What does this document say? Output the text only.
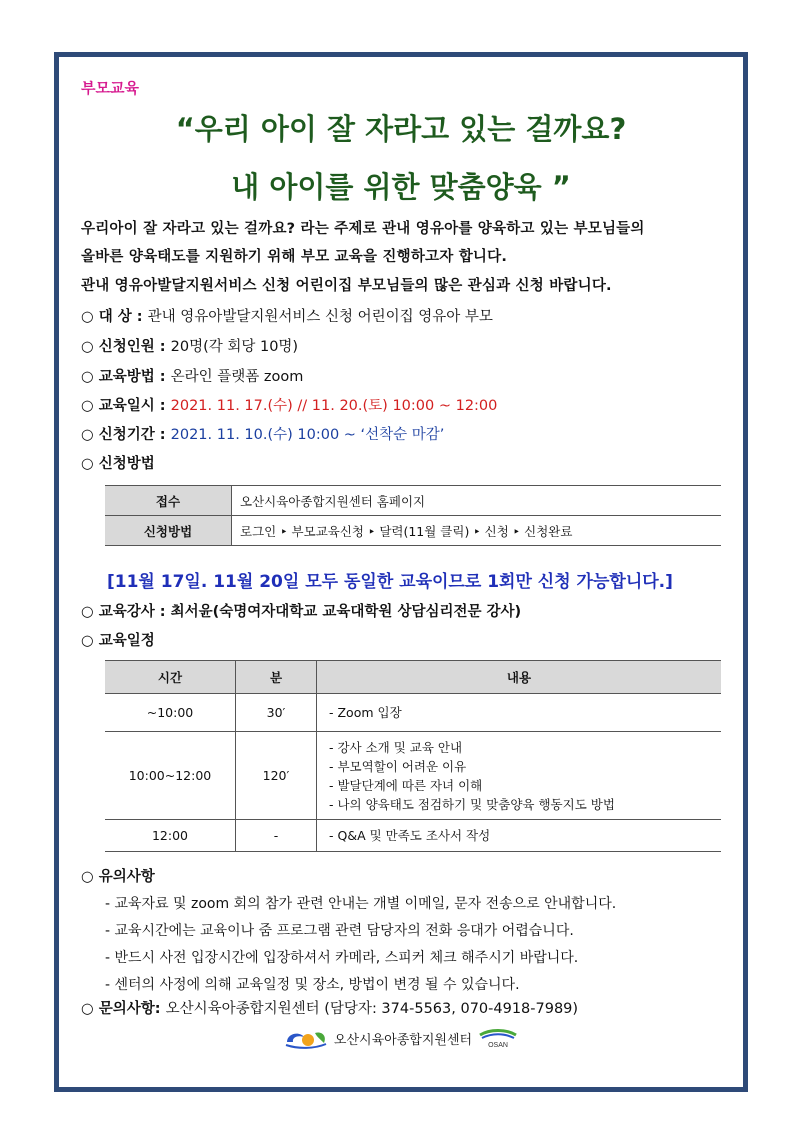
부모교육
“우리 아이 잘 자라고 있는 걸까요?
내 아이를 위한 맞춤양육 ”
우리아이 잘 자라고 있는 걸까요? 라는 주제로 관내 영유아를 양육하고 있는 부모님들의
올바른 양육태도를 지원하기 위해 부모 교육을 진행하고자 합니다.
관내 영유아발달지원서비스 신청 어린이집 부모님들의 많은 관심과 신청 바랍니다.
○ 대 상 : 관내 영유아발달지원서비스 신청 어린이집 영유아 부모
○ 신청인원 : 20명(각 회당 10명)
○ 교육방법 : 온라인 플랫폼 zoom
○ 교육일시 : 2021. 11. 17.(수) // 11. 20.(토) 10:00 ~ 12:00
○ 신청기간 : 2021. 11. 10.(수) 10:00 ~ ‘선착순 마감’
○ 신청방법
접수	오산시육아종합지원센터 홈페이지
신청방법	로그인 ‣ 부모교육신청 ‣ 달력(11월 클릭) ‣ 신청 ‣ 신청완료
[11월 17일. 11월 20일 모두 동일한 교육이므로 1회만 신청 가능합니다.]
○ 교육강사 : 최서윤(숙명여자대학교 교육대학원 상담심리전문 강사)
○ 교육일정
시간	분	내용
~10:00	30′	- Zoom 입장

10:00~12:00	120′	- 강사 소개 및 교육 안내
- 부모역할이 어려운 이유
- 발달단계에 따른 자녀 이해
- 나의 양육태도 점검하기 및 맞춤양육 행동지도 방법

12:00	-	- Q&A 및 만족도 조사서 작성
○ 유의사항
- 교육자료 및 zoom 회의 참가 관련 안내는 개별 이메일, 문자 전송으로 안내합니다.
- 교육시간에는 교육이나 줌 프로그램 관련 담당자의 전화 응대가 어렵습니다.
- 반드시 사전 입장시간에 입장하셔서 카메라, 스피커 체크 해주시기 바랍니다.
- 센터의 사정에 의해 교육일정 및 장소, 방법이 변경 될 수 있습니다.
○ 문의사항: 오산시육아종합지원센터 (담당자: 374-5563, 070-4918-7989)
오산시육아종합지원센터 OSAN
